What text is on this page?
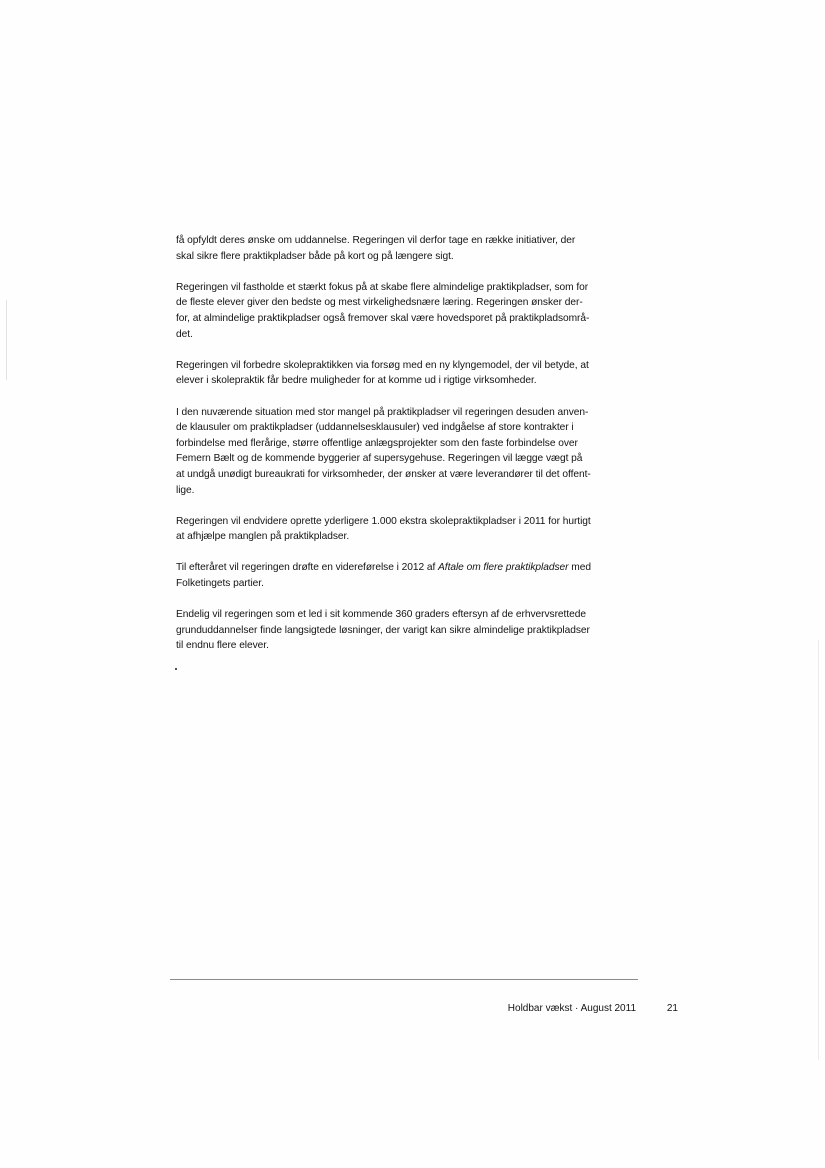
få opfyldt deres ønske om uddannelse. Regeringen vil derfor tage en række initiativer, der
skal sikre flere praktikpladser både på kort og på længere sigt.

Regeringen vil fastholde et stærkt fokus på at skabe flere almindelige praktikpladser, som for
de fleste elever giver den bedste og mest virkelighedsnære læring. Regeringen ønsker der-
for, at almindelige praktikpladser også fremover skal være hovedsporet på praktikpladsområ-
det.

Regeringen vil forbedre skolepraktikken via forsøg med en ny klyngemodel, der vil betyde, at
elever i skolepraktik får bedre muligheder for at komme ud i rigtige virksomheder.

I den nuværende situation med stor mangel på praktikpladser vil regeringen desuden anven-
de klausuler om praktikpladser (uddannelsesklausuler) ved indgåelse af store kontrakter i
forbindelse med flerårige, større offentlige anlægsprojekter som den faste forbindelse over
Femern Bælt og de kommende byggerier af supersygehuse. Regeringen vil lægge vægt på
at undgå unødigt bureaukrati for virksomheder, der ønsker at være leverandører til det offent-
lige.

Regeringen vil endvidere oprette yderligere 1.000 ekstra skolepraktikpladser i 2011 for hurtigt
at afhjælpe manglen på praktikpladser.

Til efteråret vil regeringen drøfte en videreførelse i 2012 af Aftale om flere praktikpladser med
Folketingets partier.

Endelig vil regeringen som et led i sit kommende 360 graders eftersyn af de erhvervsrettede
grunduddannelser finde langsigtede løsninger, der varigt kan sikre almindelige praktikpladser
til endnu flere elever.

Holdbar vækst · August 2011	21
